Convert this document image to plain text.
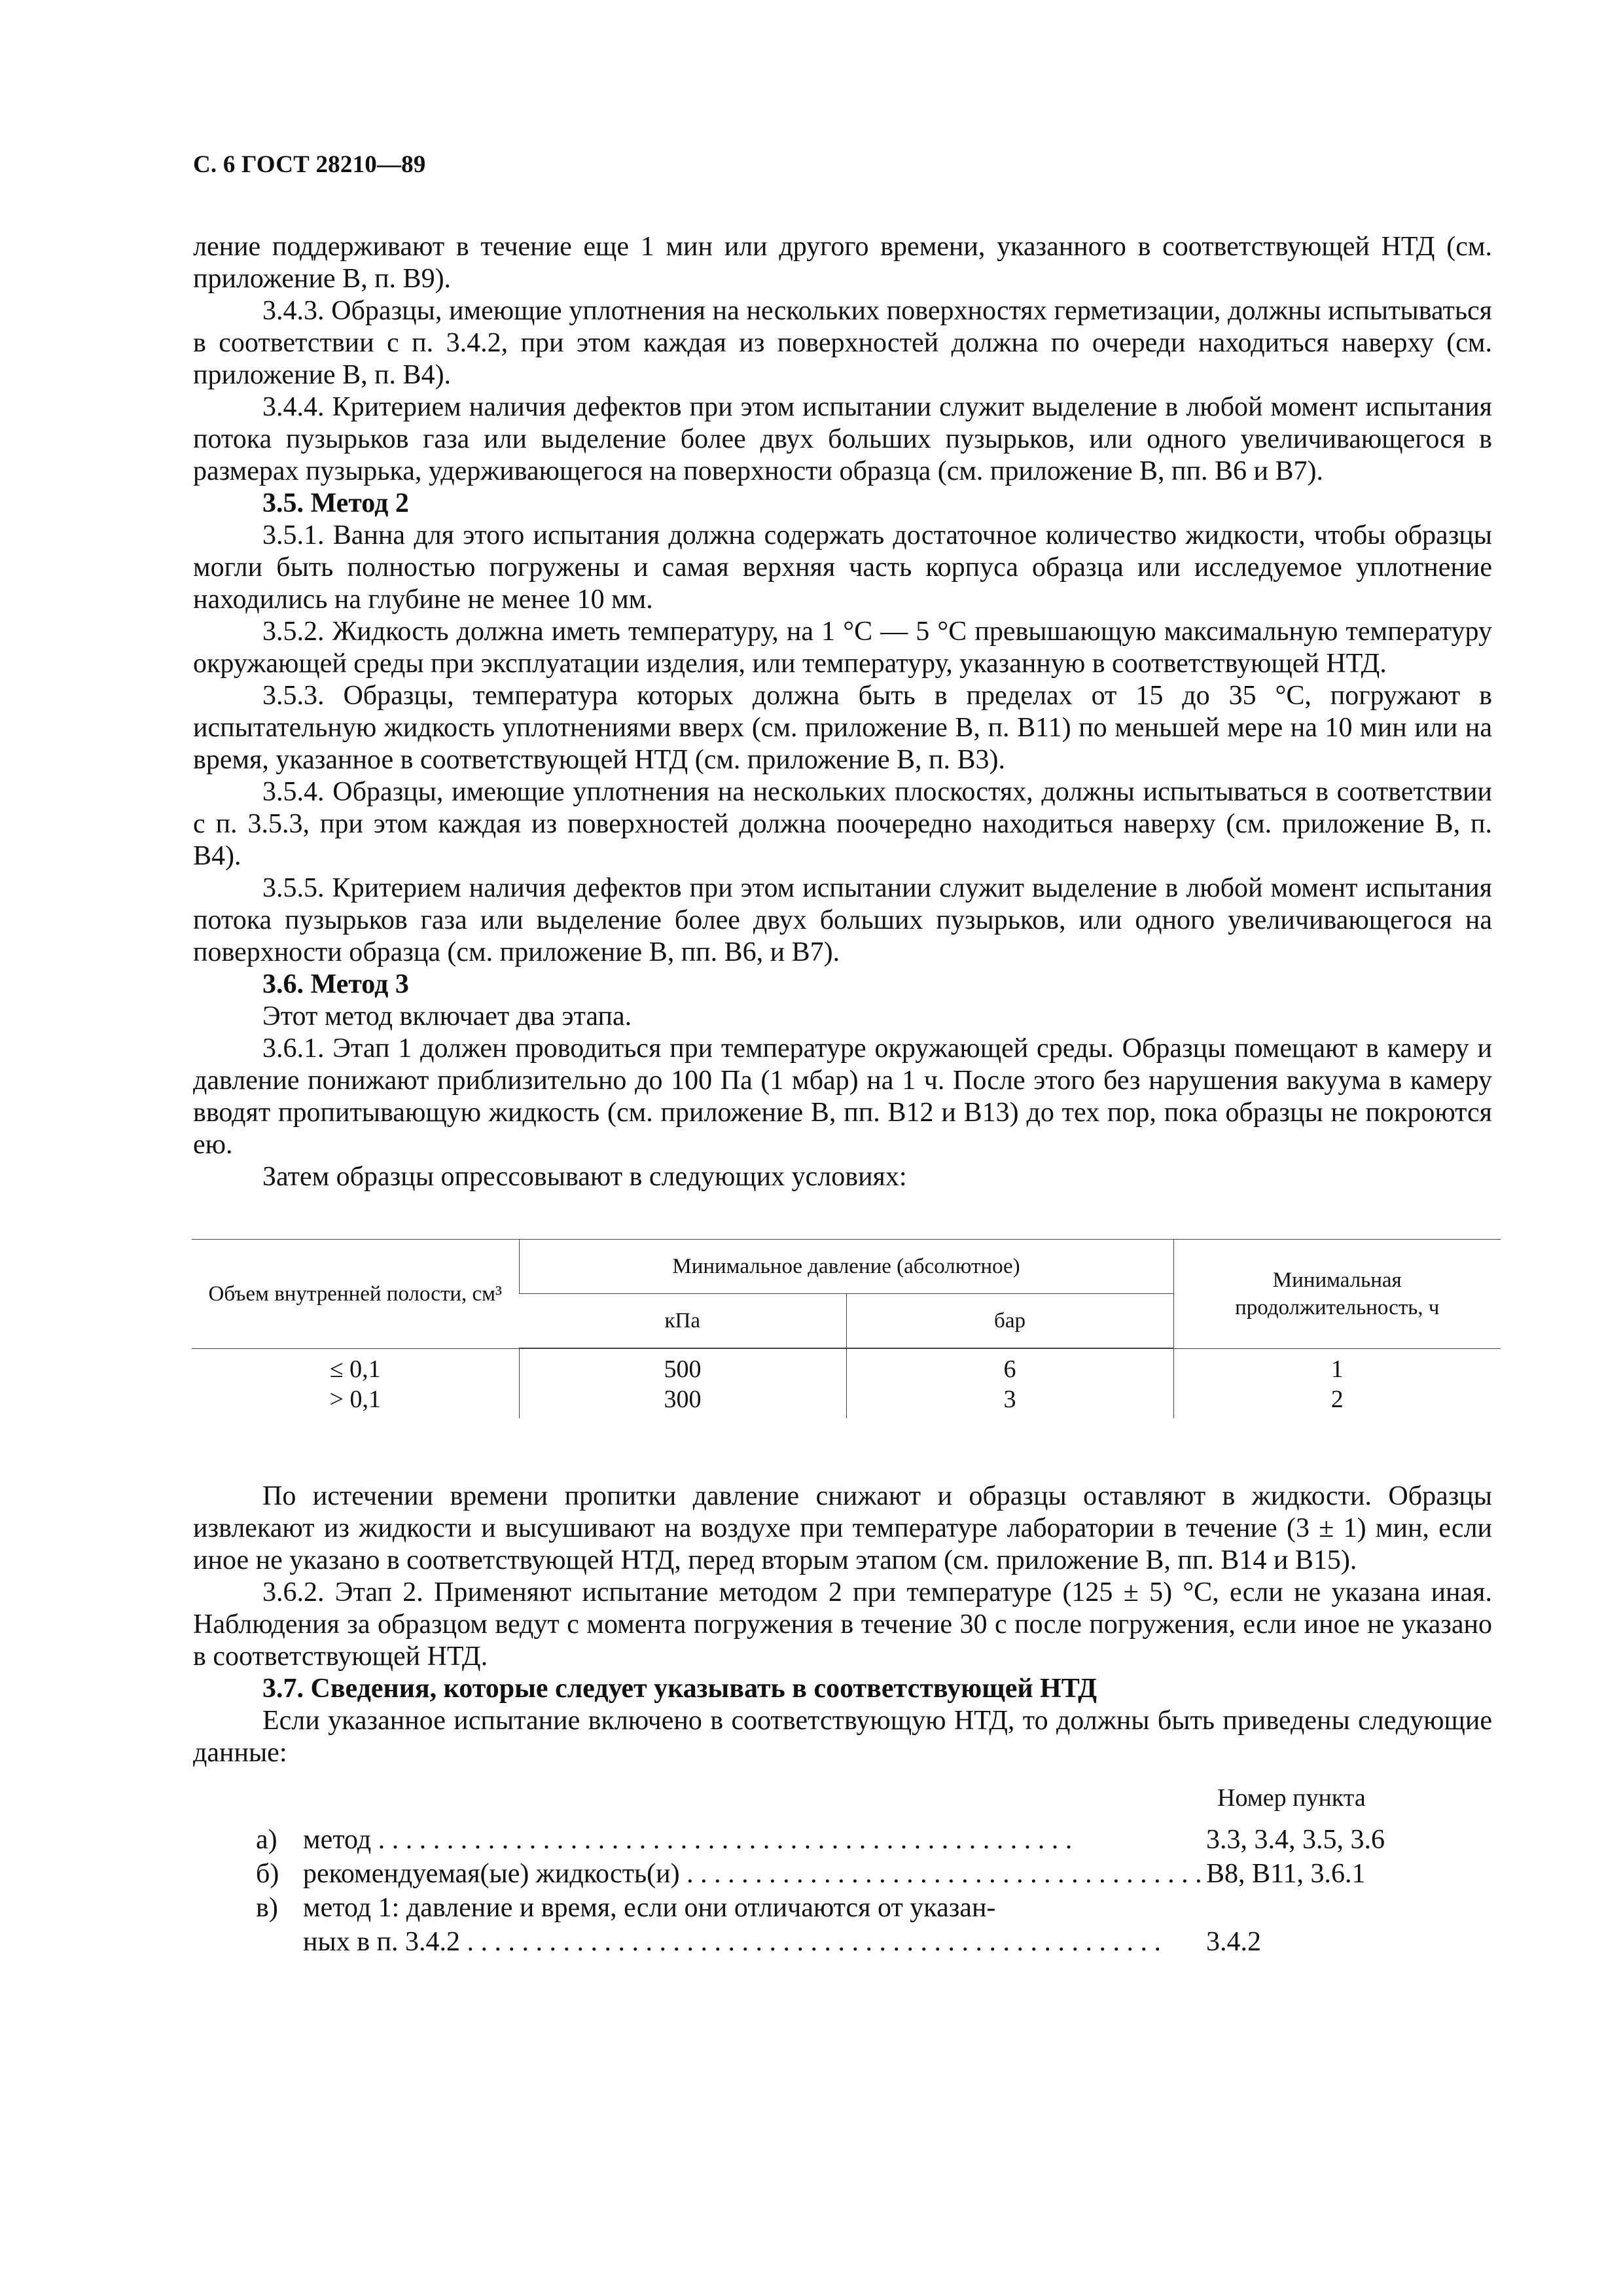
С. 6 ГОСТ 28210—89

ление поддерживают в течение еще 1 мин или другого времени, указанного в соответствующей НТД (см. приложение В, п. В9).

3.4.3. Образцы, имеющие уплотнения на нескольких поверхностях герметизации, должны испытываться в соответствии с п. 3.4.2, при этом каждая из поверхностей должна по очереди находиться наверху (см. приложение В, п. В4).

3.4.4. Критерием наличия дефектов при этом испытании служит выделение в любой момент испытания потока пузырьков газа или выделение более двух больших пузырьков, или одного увеличивающегося в размерах пузырька, удерживающегося на поверхности образца (см. приложение В, пп. В6 и В7).

3.5. Метод 2

3.5.1. Ванна для этого испытания должна содержать достаточное количество жидкости, чтобы образцы могли быть полностью погружены и самая верхняя часть корпуса образца или исследуемое уплотнение находились на глубине не менее 10 мм.

3.5.2. Жидкость должна иметь температуру, на 1 °С — 5 °С превышающую максимальную температуру окружающей среды при эксплуатации изделия, или температуру, указанную в соответствующей НТД.

3.5.3. Образцы, температура которых должна быть в пределах от 15 до 35 °С, погружают в испытательную жидкость уплотнениями вверх (см. приложение В, п. В11) по меньшей мере на 10 мин или на время, указанное в соответствующей НТД (см. приложение В, п. В3).

3.5.4. Образцы, имеющие уплотнения на нескольких плоскостях, должны испытываться в соответствии с п. 3.5.3, при этом каждая из поверхностей должна поочередно находиться наверху (см. приложение В, п. В4).

3.5.5. Критерием наличия дефектов при этом испытании служит выделение в любой момент испытания потока пузырьков газа или выделение более двух больших пузырьков, или одного увеличивающегося на поверхности образца (см. приложение В, пп. В6, и В7).

3.6. Метод 3

Этот метод включает два этапа.

3.6.1. Этап 1 должен проводиться при температуре окружающей среды. Образцы помещают в камеру и давление понижают приблизительно до 100 Па (1 мбар) на 1 ч. После этого без нарушения вакуума в камеру вводят пропитывающую жидкость (см. приложение В, пп. В12 и В13) до тех пор, пока образцы не покроются ею.

Затем образцы опрессовывают в следующих условиях:

Объем внутренней полости, см³	Минимальное давление (абсолютное)		Минимальная продолжительность, ч
	кПа	бар	
≤ 0,1	500	6	1
> 0,1	300	3	2

По истечении времени пропитки давление снижают и образцы оставляют в жидкости. Образцы извлекают из жидкости и высушивают на воздухе при температуре лаборатории в течение (3 ± 1) мин, если иное не указано в соответствующей НТД, перед вторым этапом (см. приложение В, пп. В14 и В15).

3.6.2. Этап 2. Применяют испытание методом 2 при температуре (125 ± 5) °С, если не указана иная. Наблюдения за образцом ведут с момента погружения в течение 30 с после погружения, если иное не указано в соответствующей НТД.

3.7. Сведения, которые следует указывать в соответствующей НТД

Если указанное испытание включено в соответствующую НТД, то должны быть приведены следующие данные:

Номер пункта
а) метод . . .	3.3, 3.4, 3.5, 3.6
б) рекомендуемая(ые) жидкость(и) . . .	В8, В11, 3.6.1
в) метод 1: давление и время, если они отличаются от указан-
ных в п. 3.4.2 . . .	3.4.2
